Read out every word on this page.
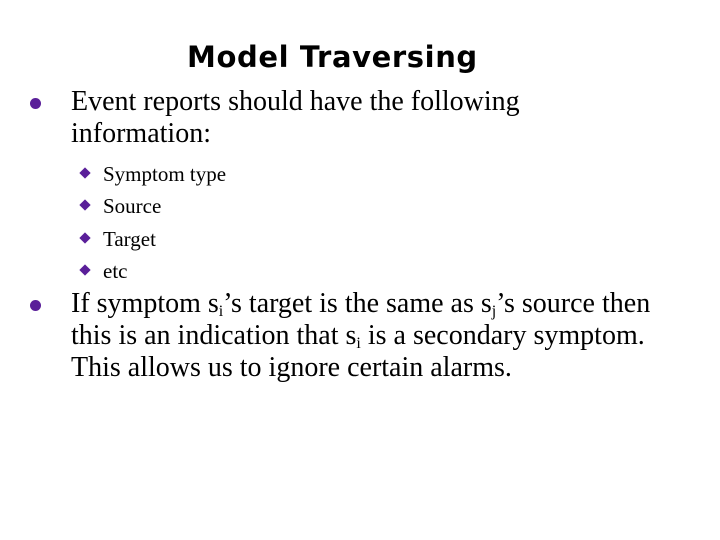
Model Traversing
Event reports should have the following information:
Symptom type
Source
Target
etc
If symptom $s_i’s$ target is the same as $s_j’s$ source then this is an indication that $s_i$ is a secondary symptom. This allows us to ignore certain alarms.
